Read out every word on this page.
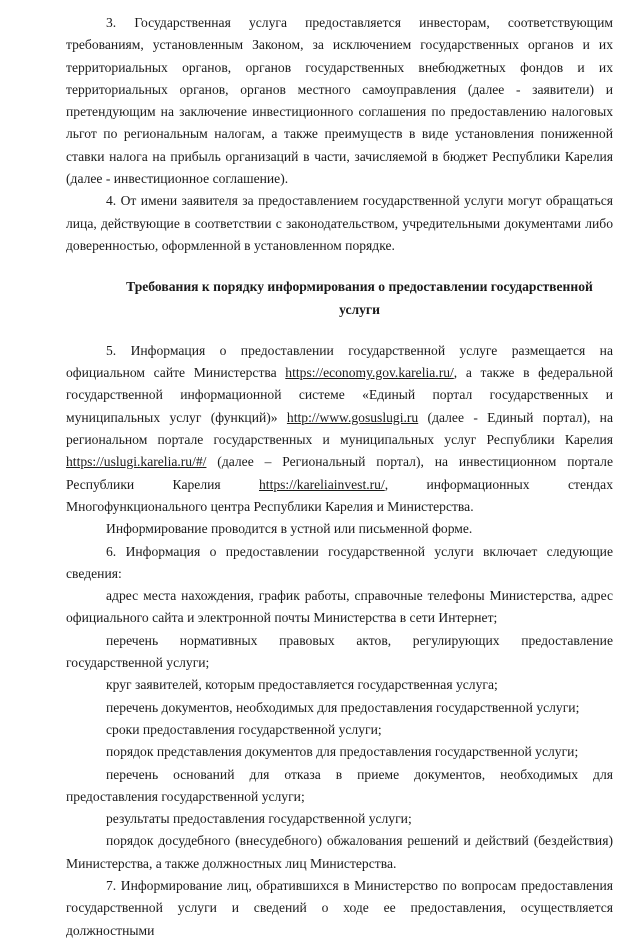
3. Государственная услуга предоставляется инвесторам, соответствующим требованиям, установленным Законом, за исключением государственных органов и их территориальных органов, органов государственных внебюджетных фондов и их территориальных органов, органов местного самоуправления (далее - заявители) и претендующим на заключение инвестиционного соглашения по предоставлению налоговых льгот по региональным налогам, а также преимуществ в виде установления пониженной ставки налога на прибыль организаций в части, зачисляемой в бюджет Республики Карелия (далее - инвестиционное соглашение).

4. От имени заявителя за предоставлением государственной услуги могут обращаться лица, действующие в соответствии с законодательством, учредительными документами либо доверенностью, оформленной в установленном порядке.

Требования к порядку информирования о предоставлении государственной услуги

5. Информация о предоставлении государственной услуге размещается на официальном сайте Министерства https://economy.gov.karelia.ru/, а также в федеральной государственной информационной системе «Единый портал государственных и муниципальных услуг (функций)» http://www.gosuslugi.ru (далее - Единый портал), на региональном портале государственных и муниципальных услуг Республики Карелия https://uslugi.karelia.ru/#/ (далее – Региональный портал), на инвестиционном портале Республики Карелия https://kareliainvest.ru/, информационных стендах Многофункционального центра Республики Карелия и Министерства.

Информирование проводится в устной или письменной форме.

6. Информация о предоставлении государственной услуги включает следующие сведения:

адрес места нахождения, график работы, справочные телефоны Министерства, адрес официального сайта и электронной почты Министерства в сети Интернет;

перечень нормативных правовых актов, регулирующих предоставление государственной услуги;

круг заявителей, которым предоставляется государственная услуга;

перечень документов, необходимых для предоставления государственной услуги;

сроки предоставления государственной услуги;

порядок представления документов для предоставления государственной услуги;

перечень оснований для отказа в приеме документов, необходимых для предоставления государственной услуги;

результаты предоставления государственной услуги;

порядок досудебного (внесудебного) обжалования решений и действий (бездействия) Министерства, а также должностных лиц Министерства.

7. Информирование лиц, обратившихся в Министерство по вопросам предоставления государственной услуги и сведений о ходе ее предоставления, осуществляется должностными
